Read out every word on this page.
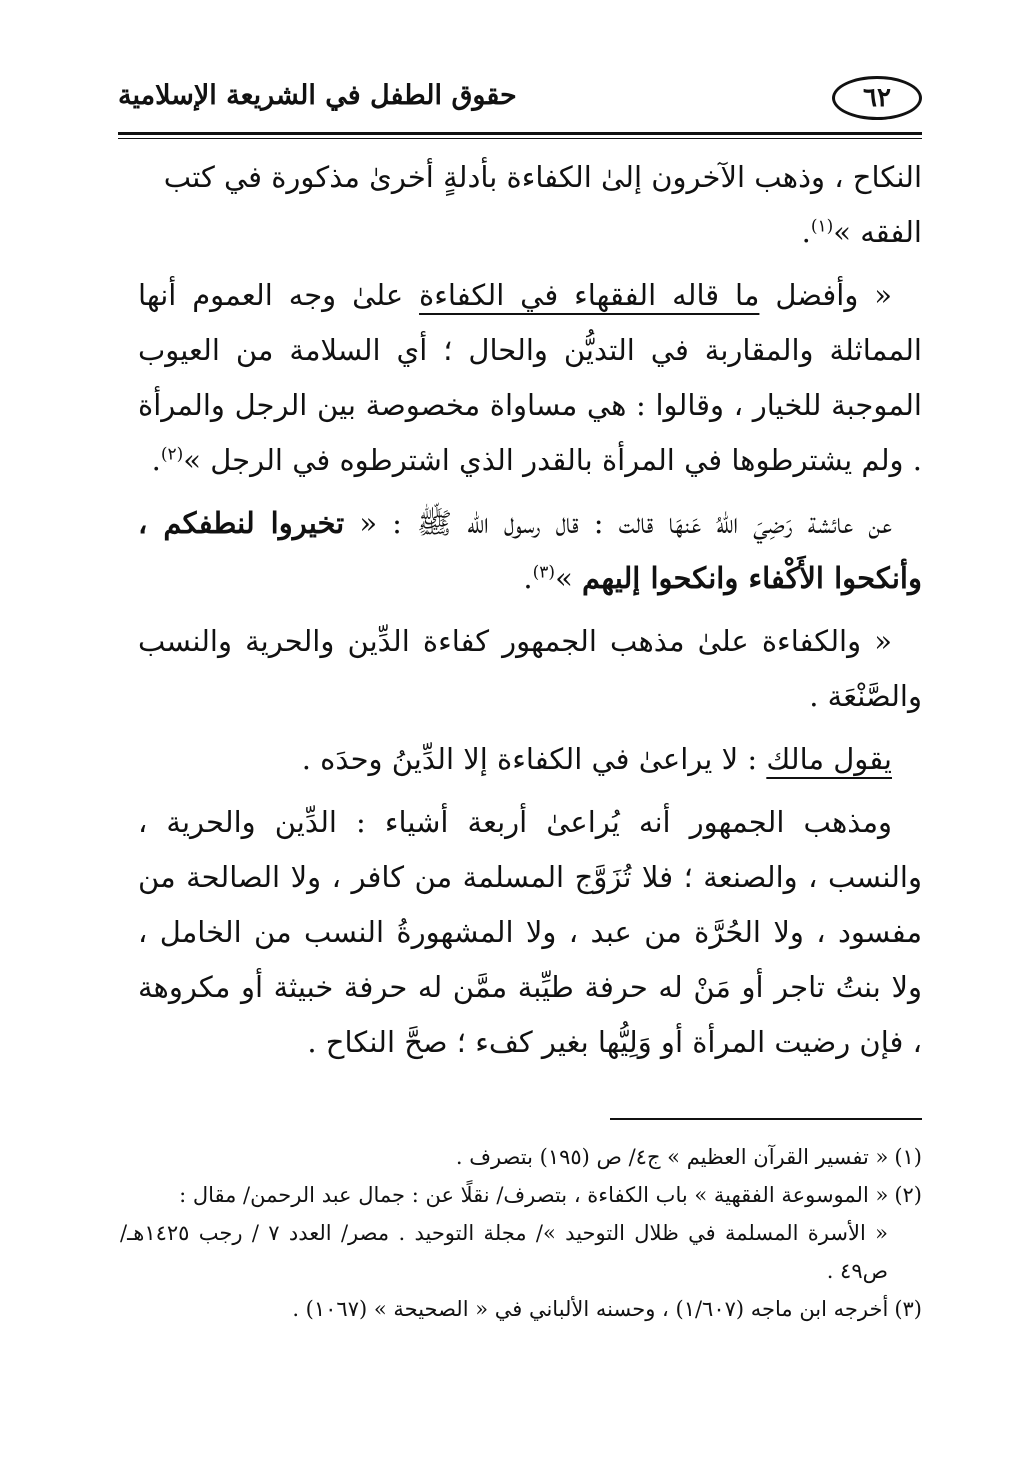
٦٢
حقوق الطفل في الشريعة الإسلامية

النكاح ، وذهب الآخرون إلىٰ الكفاءة بأدلةٍ أخرىٰ مذكورة في كتب
الفقه »$^{(١)}$.

« وأفضل ما قاله الفقهاء في الكفاءة علىٰ وجه العموم أنها المماثلة والمقاربة في التديُّن والحال ؛ أي السلامة من العيوب الموجبة للخيار ، وقالوا : هي مساواة مخصوصة بين الرجل والمرأة . ولم يشترطوها في المرأة بالقدر الذي اشترطوه في الرجل »$^{(٢)}$.

عن عائشة رَضِيَ اللهُ عَنهَا قالت : قال رسول اللّه ﷺ : « تخيروا لنطفكم ، وأنكحوا الأَكْفاء وانكحوا إليهم »$^{(٣)}$.

« والكفاءة علىٰ مذهب الجمهور كفاءة الدِّين والحرية والنسب والصَّنْعَة .

يقول مالك : لا يراعىٰ في الكفاءة إلا الدِّينُ وحدَه .

ومذهب الجمهور أنه يُراعىٰ أربعة أشياء : الدِّين والحرية ، والنسب ، والصنعة ؛ فلا تُزَوَّج المسلمة من كافر ، ولا الصالحة من مفسود ، ولا الحُرَّة من عبد ، ولا المشهورةُ النسب من الخامل ، ولا بنتُ تاجر أو مَنْ له حرفة طيِّبة ممَّن له حرفة خبيثة أو مكروهة ، فإن رضيت المرأة أو وَلِيُّها بغير كفء ؛ صحَّ النكاح .

(١)« تفسير القرآن العظيم » ج٤/ ص (١٩٥) بتصرف .

(٢)« الموسوعة الفقهية » باب الكفاءة ، بتصرف/ نقلًا عن : جمال عبد الرحمن/ مقال :

« الأسرة المسلمة في ظلال التوحيد »/ مجلة التوحيد . مصر/ العدد ٧ / رجب ١٤٢٥هـ/ ص٤٩ .

(٣)أخرجه ابن ماجه (١/٦٠٧) ، وحسنه الألباني في « الصحيحة » (١٠٦٧) .
